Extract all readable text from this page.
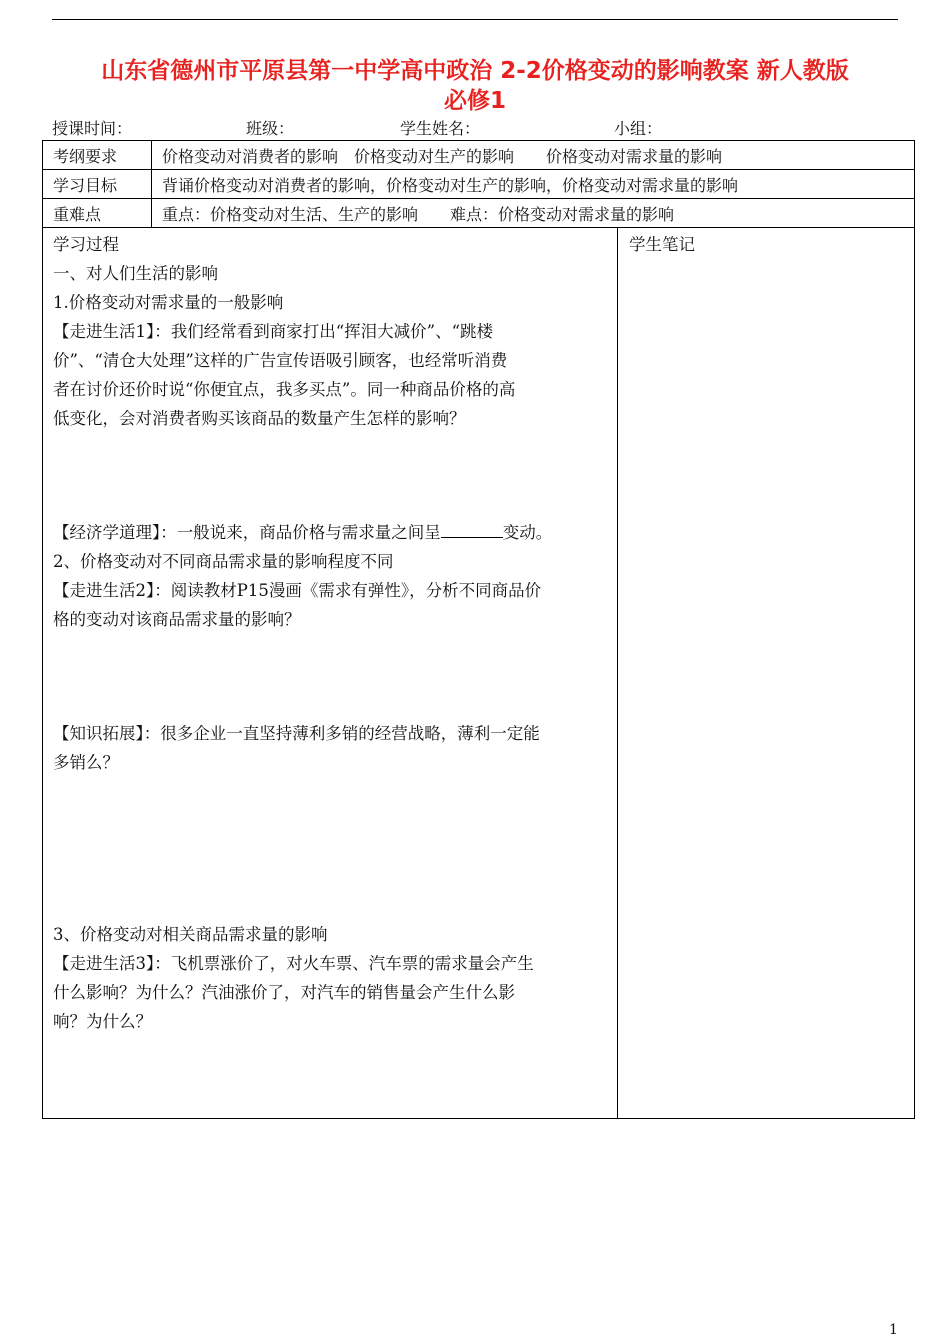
山东省德州市平原县第一中学高中政治 2-2价格变动的影响教案 新人教版
必修1
授课时间：	班级：	学生姓名：	小组：
考纲要求	价格变动对消费者的影响　价格变动对生产的影响　　价格变动对需求量的影响
学习目标	背诵价格变动对消费者的影响，价格变动对生产的影响，价格变动对需求量的影响
重难点	重点：价格变动对生活、生产的影响　　难点：价格变动对需求量的影响
学习过程
一、对人们生活的影响
1.价格变动对需求量的一般影响
【走进生活1】：我们经常看到商家打出“挥泪大减价”、“跳楼
价”、“清仓大处理”这样的广告宣传语吸引顾客，也经常听消费
者在讨价还价时说“你便宜点，我多买点”。同一种商品价格的高
低变化，会对消费者购买该商品的数量产生怎样的影响？
【经济学道理】：一般说来，商品价格与需求量之间呈	变动。
2、价格变动对不同商品需求量的影响程度不同
【走进生活2】：阅读教材P15漫画《需求有弹性》，分析不同商品价
格的变动对该商品需求量的影响？
【知识拓展】：很多企业一直坚持薄利多销的经营战略，薄利一定能
多销么？
3、价格变动对相关商品需求量的影响
【走进生活3】：飞机票涨价了，对火车票、汽车票的需求量会产生
什么影响？为什么？汽油涨价了，对汽车的销售量会产生什么影
响？为什么？
学生笔记
1
